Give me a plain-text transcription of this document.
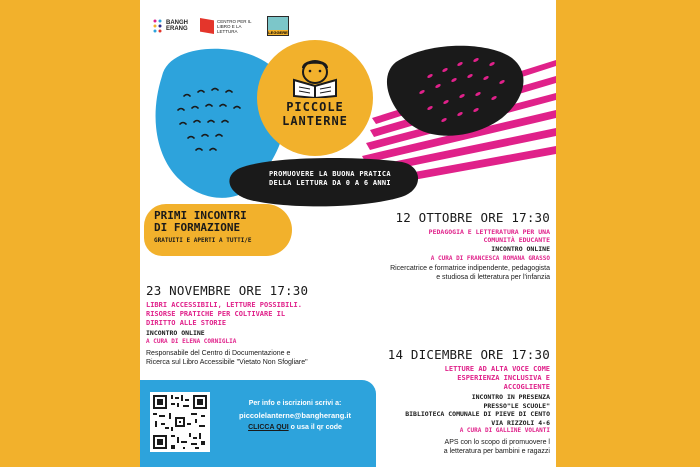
BANGH ERANG
CENTRO PER IL LIBRO E LA LETTURA	LEGGERE
PICCOLE
LANTERNE
PROMUOVERE LA BUONA PRATICA
DELLA LETTURA DA 0 A 6 ANNI
PRIMI INCONTRI
DI FORMAZIONE
GRATUITI E APERTI A TUTTI/E
12 OTTOBRE ORE 17:30
PEDAGOGIA E LETTERATURA PER UNA
COMUNITÀ EDUCANTE
INCONTRO ONLINE
A CURA DI FRANCESCA ROMANA GRASSO
Ricercatrice e formatrice indipendente, pedagogista
e studiosa di letteratura per l'infanzia
23 NOVEMBRE ORE 17:30
LIBRI ACCESSIBILI, LETTURE POSSIBILI.
RISORSE PRATICHE PER COLTIVARE IL
DIRITTO ALLE STORIE
INCONTRO ONLINE
A CURA DI ELENA CORNIGLIA
Responsabile del Centro di Documentazione e
Ricerca sul Libro Accessibile "Vietato Non Sfogliare"
14 DICEMBRE ORE 17:30
LETTURE AD ALTA VOCE COME
ESPERIENZA INCLUSIVA E
ACCOGLIENTE
INCONTRO IN PRESENZA
PRESSO"LE SCUOLE"
BIBLIOTECA COMUNALE DI PIEVE DI CENTO
VIA RIZZOLI 4-6
A CURA DI GALLINE VOLANTI
APS con lo scopo di promuovere l
a letteratura per bambini e ragazzi
Per info e iscrizioni scrivi a:
piccolelanterne@bangherang.it
CLICCA QUI o usa il qr code
